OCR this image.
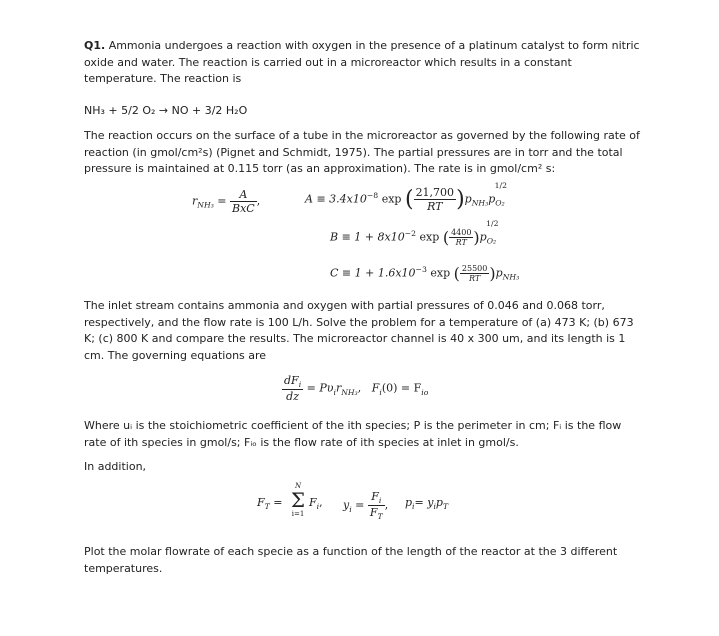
Q1. Ammonia undergoes a reaction with oxygen in the presence of a platinum catalyst to form nitric oxide and water. The reaction is carried out in a microreactor which results in a constant temperature. The reaction is
NH₃ + 5/2 O₂ → NO + 3/2 H₂O
The reaction occurs on the surface of a tube in the microreactor as governed by the following rate of reaction (in gmol/cm²s) (Pignet and Schmidt, 1975). The partial pressures are in torr and the total pressure is maintained at 0.115 torr (as an approximation). The rate is in gmol/cm² s:
$r_{NH_3} = \frac{A}{\text{BxC}}$ ,	$A \equiv 3.4x10^{-8}$ exp ( $\frac{21,700}{RT} )p_{NH_3}p_{O_2}^{1/2}$
$B \equiv 1 + 8x10^{-2}$ exp ( $\frac{4400}{RT} )p_{O_2}^{1/2}$
$C \equiv 1 + 1.6x10^{-3}$ exp ( $\frac{25500}{RT} )p_{NH_3}$
The inlet stream contains ammonia and oxygen with partial pressures of 0.046 and 0.068 torr, respectively, and the flow rate is 100 L/h. Solve the problem for a temperature of (a) 473 K; (b) 673 K; (c) 800 K and compare the results. The microreactor channel is 40 x 300 um, and its length is 1 cm. The governing equations are
$\frac{dF_i}{dz} = P\upsilon_ir_{NH_3}$,   $F_i(0) = F_{io}$
Where uᵢ is the stoichiometric coefficient of the ith species; P is the perimeter in cm; Fᵢ is the flow rate of ith species in gmol/s; Fᵢₒ is the flow rate of ith species at inlet in gmol/s.
In addition,
$F_T$ =
N
Σ
i=1
$F_i$, $y_i = \frac{F_i}{F_T}$ , $p_i= y_ip_T$
Plot the molar flowrate of each specie as a function of the length of the reactor at the 3 different temperatures.
